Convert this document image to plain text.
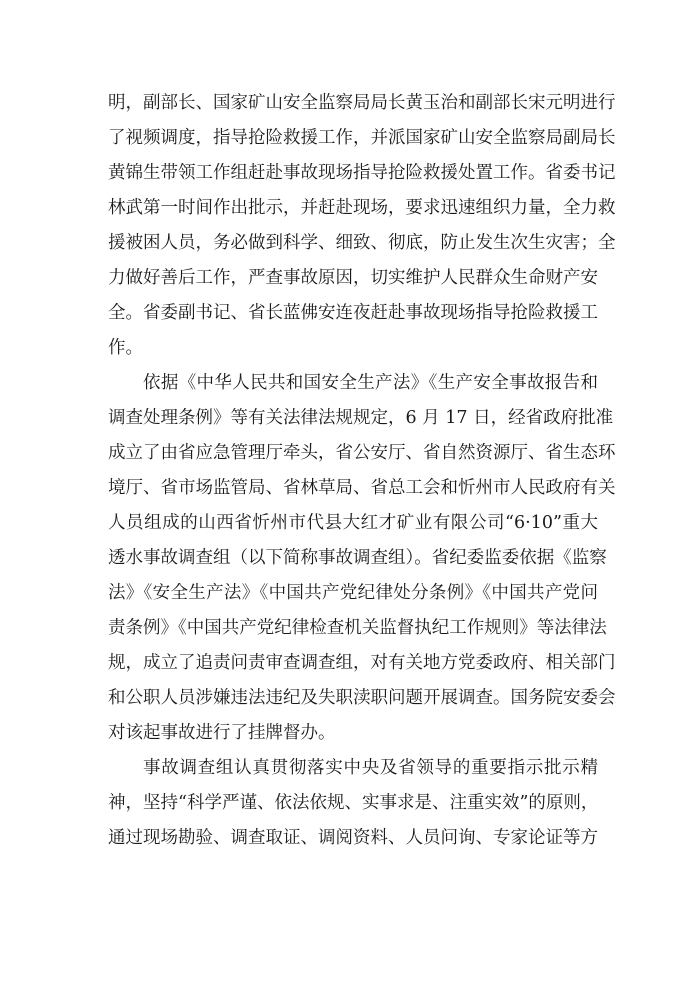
明，副部长、国家矿山安全监察局局长黄玉治和副部长宋元明进行
了视频调度，指导抢险救援工作，并派国家矿山安全监察局副局长
黄锦生带领工作组赶赴事故现场指导抢险救援处置工作。省委书记
林武第一时间作出批示，并赶赴现场，要求迅速组织力量，全力救
援被困人员，务必做到科学、细致、彻底，防止发生次生灾害；全
力做好善后工作，严查事故原因，切实维护人民群众生命财产安
全。省委副书记、省长蓝佛安连夜赶赴事故现场指导抢险救援工
作。
依据《中华人民共和国安全生产法》《生产安全事故报告和
调查处理条例》等有关法律法规规定，6 月 17 日，经省政府批准
成立了由省应急管理厅牵头，省公安厅、省自然资源厅、省生态环
境厅、省市场监管局、省林草局、省总工会和忻州市人民政府有关
人员组成的山西省忻州市代县大红才矿业有限公司“6·10”重大
透水事故调查组（以下简称事故调查组）。省纪委监委依据《监察
法》《安全生产法》《中国共产党纪律处分条例》《中国共产党问
责条例》《中国共产党纪律检查机关监督执纪工作规则》等法律法
规，成立了追责问责审查调查组，对有关地方党委政府、相关部门
和公职人员涉嫌违法违纪及失职渎职问题开展调查。国务院安委会
对该起事故进行了挂牌督办。
事故调查组认真贯彻落实中央及省领导的重要指示批示精
神，坚持“科学严谨、依法依规、实事求是、注重实效”的原则，
通过现场勘验、调查取证、调阅资料、人员问询、专家论证等方
